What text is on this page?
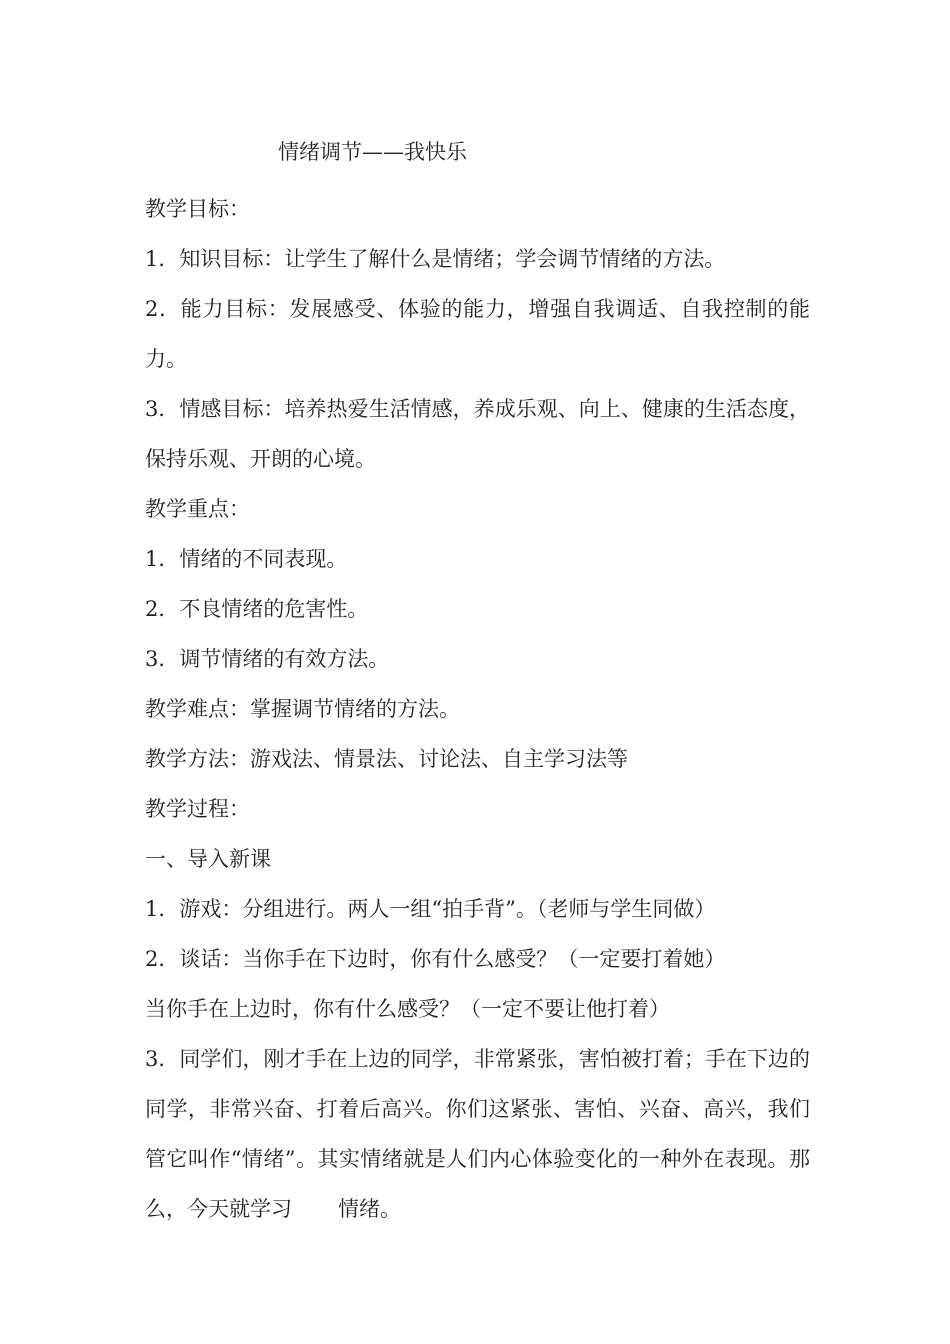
情绪调节——我快乐

教学目标：

1．知识目标：让学生了解什么是情绪；学会调节情绪的方法。

2．能力目标：发展感受、体验的能力，增强自我调适、自我控制的能力。

3．情感目标：培养热爱生活情感，养成乐观、向上、健康的生活态度，保持乐观、开朗的心境。

教学重点：

1．情绪的不同表现。

2．不良情绪的危害性。

3．调节情绪的有效方法。

教学难点：掌握调节情绪的方法。

教学方法：游戏法、情景法、讨论法、自主学习法等

教学过程：

一、导入新课

1．游戏：分组进行。两人一组“拍手背”。（老师与学生同做）

2．谈话：当你手在下边时，你有什么感受？（一定要打着她）

当你手在上边时，你有什么感受？（一定不要让他打着）

3．同学们，刚才手在上边的同学，非常紧张，害怕被打着；手在下边的同学，非常兴奋、打着后高兴。你们这紧张、害怕、兴奋、高兴，我们管它叫作“情绪”。其实情绪就是人们内心体验变化的一种外在表现。那么，今天就学习 情绪。
